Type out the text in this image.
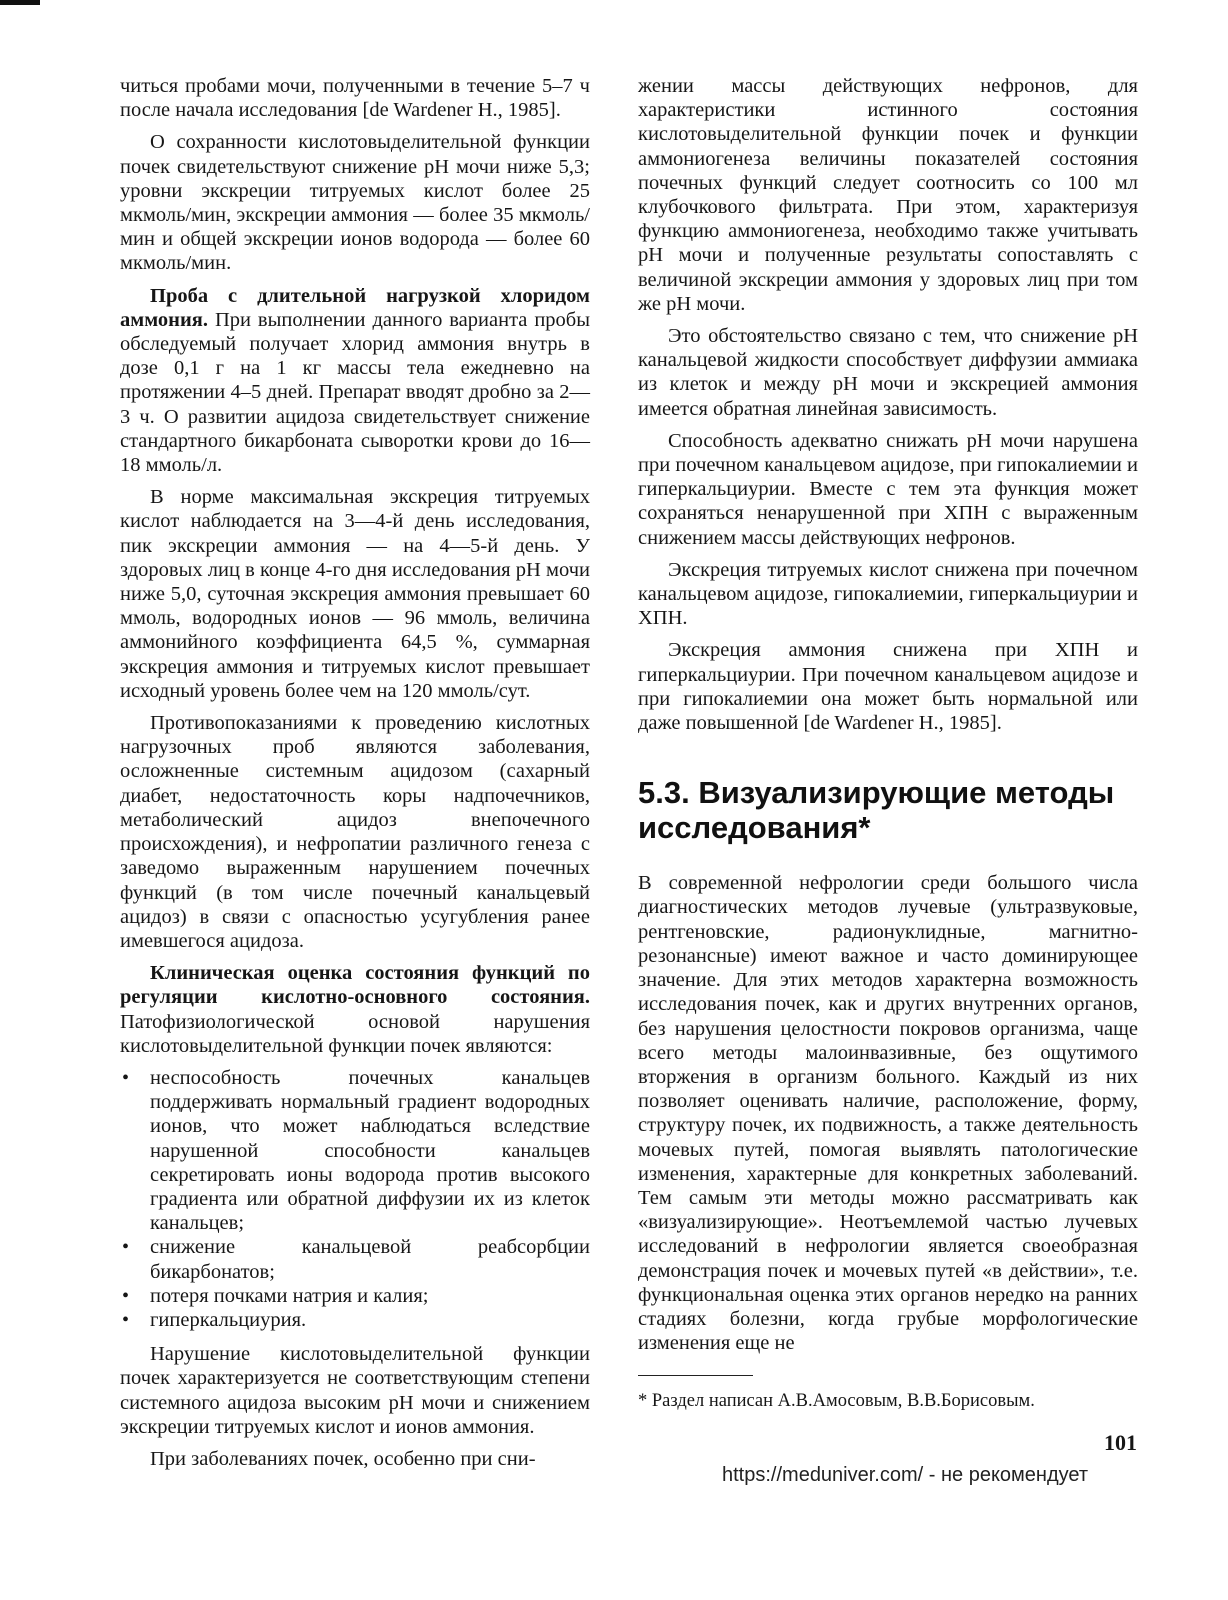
читься пробами мочи, полученными в течение 5–7 ч после начала исследования [de Wardener H., 1985].

О сохранности кислотовыделительной функции почек свидетельствуют снижение рН мочи ниже 5,3; уровни экскреции титруемых кислот более 25 мкмоль/мин, экскреции аммония — более 35 мкмоль/мин и общей экскреции ионов водорода — более 60 мкмоль/мин.

Проба с длительной нагрузкой хлоридом аммония. При выполнении данного варианта пробы обследуемый получает хлорид аммония внутрь в дозе 0,1 г на 1 кг массы тела ежедневно на протяжении 4–5 дней. Препарат вводят дробно за 2—3 ч. О развитии ацидоза свидетельствует снижение стандартного бикарбоната сыворотки крови до 16—18 ммоль/л.

В норме максимальная экскреция титруемых кислот наблюдается на 3—4-й день исследования, пик экскреции аммония — на 4—5-й день. У здоровых лиц в конце 4-го дня исследования рН мочи ниже 5,0, суточная экскреция аммония превышает 60 ммоль, водородных ионов — 96 ммоль, величина аммонийного коэффициента 64,5 %, суммарная экскреция аммония и титруемых кислот превышает исходный уровень более чем на 120 ммоль/сут.

Противопоказаниями к проведению кислотных нагрузочных проб являются заболевания, осложненные системным ацидозом (сахарный диабет, недостаточность коры надпочечников, метаболический ацидоз внепочечного происхождения), и нефропатии различного генеза с заведомо выраженным нарушением почечных функций (в том числе почечный канальцевый ацидоз) в связи с опасностью усугубления ранее имевшегося ацидоза.

Клиническая оценка состояния функций по регуляции кислотно-основного состояния. Патофизиологической основой нарушения кислотовыделительной функции почек являются:

• неспособность почечных канальцев поддерживать нормальный градиент водородных ионов, что может наблюдаться вследствие нарушенной способности канальцев секретировать ионы водорода против высокого градиента или обратной диффузии их из клеток канальцев;
• снижение канальцевой реабсорбции бикарбонатов;
• потеря почками натрия и калия;
• гиперкальциурия.

Нарушение кислотовыделительной функции почек характеризуется не соответствующим степени системного ацидоза высоким рН мочи и снижением экскреции титруемых кислот и ионов аммония.

При заболеваниях почек, особенно при сни-

жении массы действующих нефронов, для характеристики истинного состояния кислотовыделительной функции почек и функции аммониогенеза величины показателей состояния почечных функций следует соотносить со 100 мл клубочкового фильтрата. При этом, характеризуя функцию аммониогенеза, необходимо также учитывать рН мочи и полученные результаты сопоставлять с величиной экскреции аммония у здоровых лиц при том же рН мочи.

Это обстоятельство связано с тем, что снижение рН канальцевой жидкости способствует диффузии аммиака из клеток и между рН мочи и экскрецией аммония имеется обратная линейная зависимость.

Способность адекватно снижать рН мочи нарушена при почечном канальцевом ацидозе, при гипокалиемии и гиперкальциурии. Вместе с тем эта функция может сохраняться ненарушенной при ХПН с выраженным снижением массы действующих нефронов.

Экскреция титруемых кислот снижена при почечном канальцевом ацидозе, гипокалиемии, гиперкальциурии и ХПН.

Экскреция аммония снижена при ХПН и гиперкальциурии. При почечном канальцевом ацидозе и при гипокалиемии она может быть нормальной или даже повышенной [de Wardener H., 1985].

5.3. Визуализирующие методы исследования*

В современной нефрологии среди большого числа диагностических методов лучевые (ультразвуковые, рентгеновские, радионуклидные, магнитно-резонансные) имеют важное и часто доминирующее значение. Для этих методов характерна возможность исследования почек, как и других внутренних органов, без нарушения целостности покровов организма, чаще всего методы малоинвазивные, без ощутимого вторжения в организм больного. Каждый из них позволяет оценивать наличие, расположение, форму, структуру почек, их подвижность, а также деятельность мочевых путей, помогая выявлять патологические изменения, характерные для конкретных заболеваний. Тем самым эти методы можно рассматривать как «визуализирующие». Неотъемлемой частью лучевых исследований в нефрологии является своеобразная демонстрация почек и мочевых путей «в действии», т.е. функциональная оценка этих органов нередко на ранних стадиях болезни, когда грубые морфологические изменения еще не

* Раздел написан А.В.Амосовым, В.В.Борисовым.

101
https://meduniver.com/ - не рекомендует
